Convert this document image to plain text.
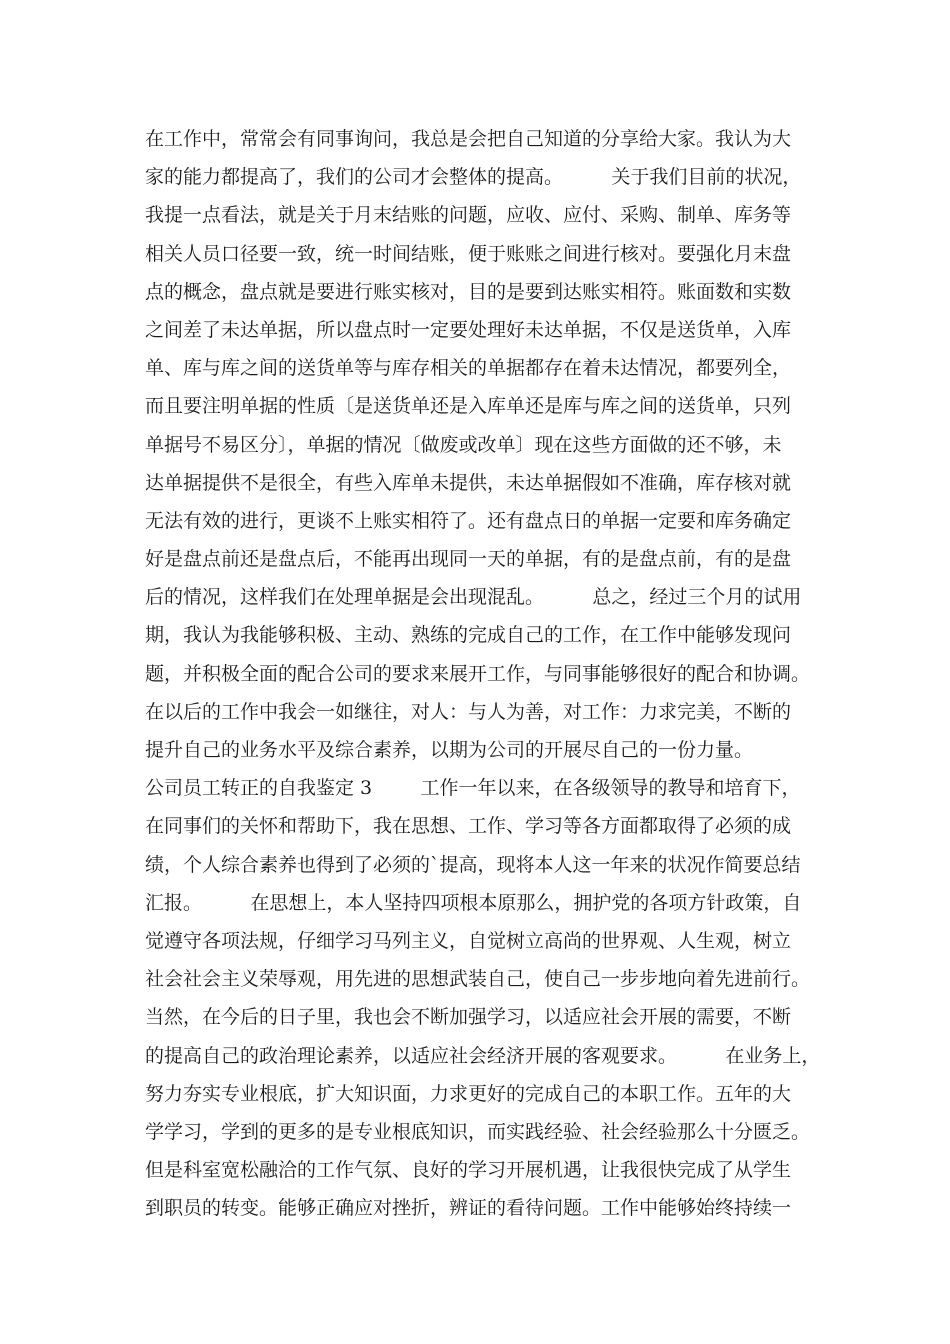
在工作中，常常会有同事询问，我总是会把自己知道的分享给大家。我认为大
家的能力都提高了，我们的公司才会整体的提高。        关于我们目前的状况，
我提一点看法，就是关于月末结账的问题，应收、应付、采购、制单、库务等
相关人员口径要一致，统一时间结账，便于账账之间进行核对。要强化月末盘
点的概念，盘点就是要进行账实核对，目的是要到达账实相符。账面数和实数
之间差了未达单据，所以盘点时一定要处理好未达单据，不仅是送货单，入库
单、库与库之间的送货单等与库存相关的单据都存在着未达情况，都要列全，
而且要注明单据的性质〔是送货单还是入库单还是库与库之间的送货单，只列
单据号不易区分〕，单据的情况〔做废或改单〕现在这些方面做的还不够，未
达单据提供不是很全，有些入库单未提供，未达单据假如不准确，库存核对就
无法有效的进行，更谈不上账实相符了。还有盘点日的单据一定要和库务确定
好是盘点前还是盘点后，不能再出现同一天的单据，有的是盘点前，有的是盘
后的情况，这样我们在处理单据是会出现混乱。        总之，经过三个月的试用
期，我认为我能够积极、主动、熟练的完成自己的工作，在工作中能够发现问
题，并积极全面的配合公司的要求来展开工作，与同事能够很好的配合和协调。
在以后的工作中我会一如继往，对人：与人为善，对工作：力求完美，不断的
提升自己的业务水平及综合素养，以期为公司的开展尽自己的一份力量。
公司员工转正的自我鉴定 3        工作一年以来，在各级领导的教导和培育下，
在同事们的关怀和帮助下，我在思想、工作、学习等各方面都取得了必须的成
绩，个人综合素养也得到了必须的`提高，现将本人这一年来的状况作简要总结
汇报。        在思想上，本人坚持四项根本原那么，拥护党的各项方针政策，自
觉遵守各项法规，仔细学习马列主义，自觉树立高尚的世界观、人生观，树立
社会社会主义荣辱观，用先进的思想武装自己，使自己一步步地向着先进前行。
当然，在今后的日子里，我也会不断加强学习，以适应社会开展的需要，不断
的提高自己的政治理论素养，以适应社会经济开展的客观要求。        在业务上，
努力夯实专业根底，扩大知识面，力求更好的完成自己的本职工作。五年的大
学学习，学到的更多的是专业根底知识，而实践经验、社会经验那么十分匮乏。
但是科室宽松融洽的工作气氛、良好的学习开展机遇，让我很快完成了从学生
到职员的转变。能够正确应对挫折，辨证的看待问题。工作中能够始终持续一
